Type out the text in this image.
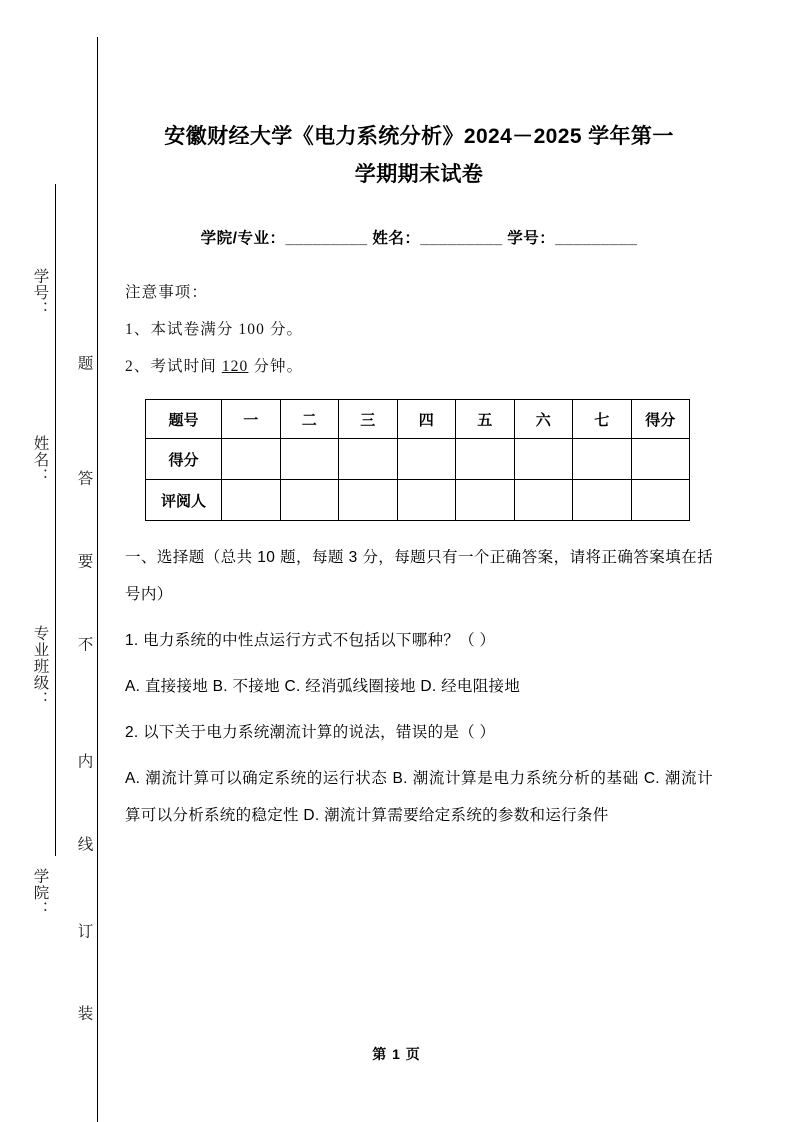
学号：
姓名：
专业班级：
学院：
题
答
要
不
内
线
订
装
安徽财经大学《电力系统分析》2024－2025 学年第一
学期期末试卷
学院/专业：_________ 姓名：_________ 学号：_________

注意事项：

1、本试卷满分 100 分。

2、考试时间 120 分钟。

题号	一	二	三	四	五	六	七	得分
得分								
评阅人								

一、选择题（总共 10 题，每题 3 分，每题只有一个正确答案，请将正确答案填在括号内）

1. 电力系统的中性点运行方式不包括以下哪种？（ ）

A. 直接接地 B. 不接地 C. 经消弧线圈接地 D. 经电阻接地

2. 以下关于电力系统潮流计算的说法，错误的是（ ）

A. 潮流计算可以确定系统的运行状态 B. 潮流计算是电力系统分析的基础 C. 潮流计算可以分析系统的稳定性 D. 潮流计算需要给定系统的参数和运行条件

第 1 页
